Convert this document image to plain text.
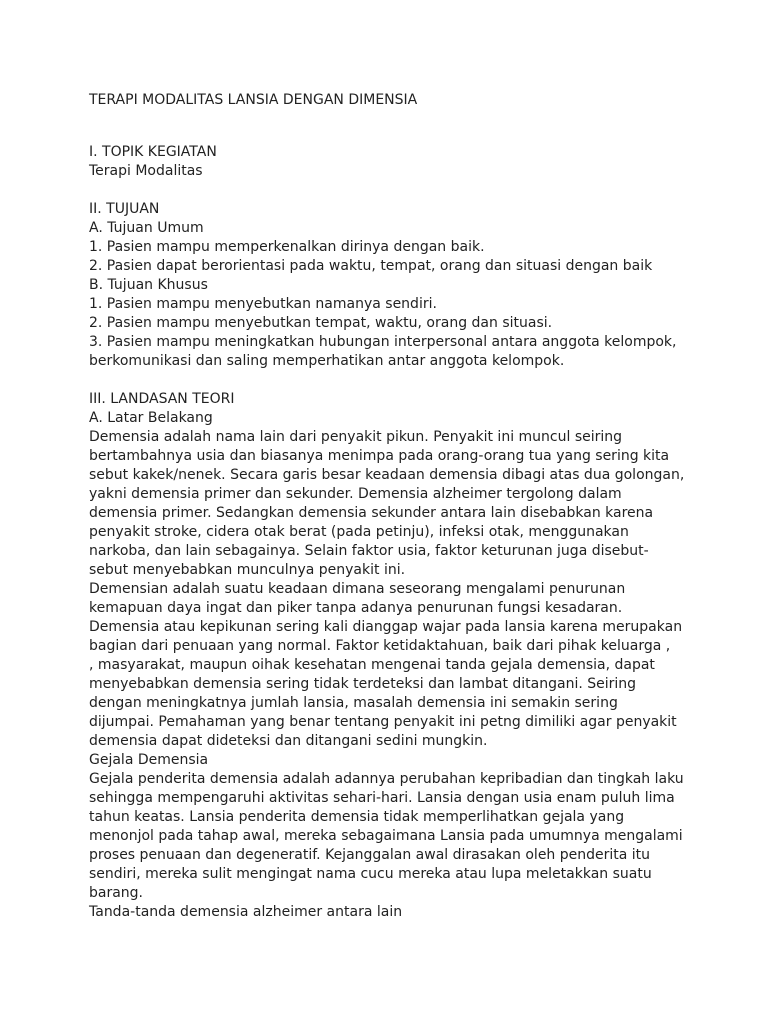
TERAPI MODALITAS LANSIA DENGAN DIMENSIA
I. TOPIK KEGIATAN
Terapi Modalitas
II. TUJUAN
A. Tujuan Umum
1. Pasien mampu memperkenalkan dirinya dengan baik.
2. Pasien dapat berorientasi pada waktu, tempat, orang dan situasi dengan baik
B. Tujuan Khusus
1. Pasien mampu menyebutkan namanya sendiri.
2. Pasien mampu menyebutkan tempat, waktu, orang dan situasi.
3. Pasien mampu meningkatkan hubungan interpersonal antara anggota kelompok,
berkomunikasi dan saling memperhatikan antar anggota kelompok.
III. LANDASAN TEORI
A. Latar Belakang
Demensia adalah nama lain dari penyakit pikun. Penyakit ini muncul seiring
bertambahnya usia dan biasanya menimpa pada orang-orang tua yang sering kita
sebut kakek/nenek. Secara garis besar keadaan demensia dibagi atas dua golongan,
yakni demensia primer dan sekunder. Demensia alzheimer tergolong dalam
demensia primer. Sedangkan demensia sekunder antara lain disebabkan karena
penyakit stroke, cidera otak berat (pada petinju), infeksi otak, menggunakan
narkoba, dan lain sebagainya. Selain faktor usia, faktor keturunan juga disebut-
sebut menyebabkan munculnya penyakit ini.
Demensian adalah suatu keadaan dimana seseorang mengalami penurunan
kemapuan daya ingat dan piker tanpa adanya penurunan fungsi kesadaran.
Demensia atau kepikunan sering kali dianggap wajar pada lansia karena merupakan
bagian dari penuaan yang normal. Faktor ketidaktahuan, baik dari pihak keluarga ,
, masyarakat, maupun oihak kesehatan mengenai tanda gejala demensia, dapat
menyebabkan demensia sering tidak terdeteksi dan lambat ditangani. Seiring
dengan meningkatnya jumlah lansia, masalah demensia ini semakin sering
dijumpai. Pemahaman yang benar tentang penyakit ini petng dimiliki agar penyakit
demensia dapat dideteksi dan ditangani sedini mungkin.
Gejala Demensia
Gejala penderita demensia adalah adannya perubahan kepribadian dan tingkah laku
sehingga mempengaruhi aktivitas sehari-hari. Lansia dengan usia enam puluh lima
tahun keatas. Lansia penderita demensia tidak memperlihatkan gejala yang
menonjol pada tahap awal, mereka sebagaimana Lansia pada umumnya mengalami
proses penuaan dan degeneratif. Kejanggalan awal dirasakan oleh penderita itu
sendiri, mereka sulit mengingat nama cucu mereka atau lupa meletakkan suatu
barang.
Tanda-tanda demensia alzheimer antara lain
